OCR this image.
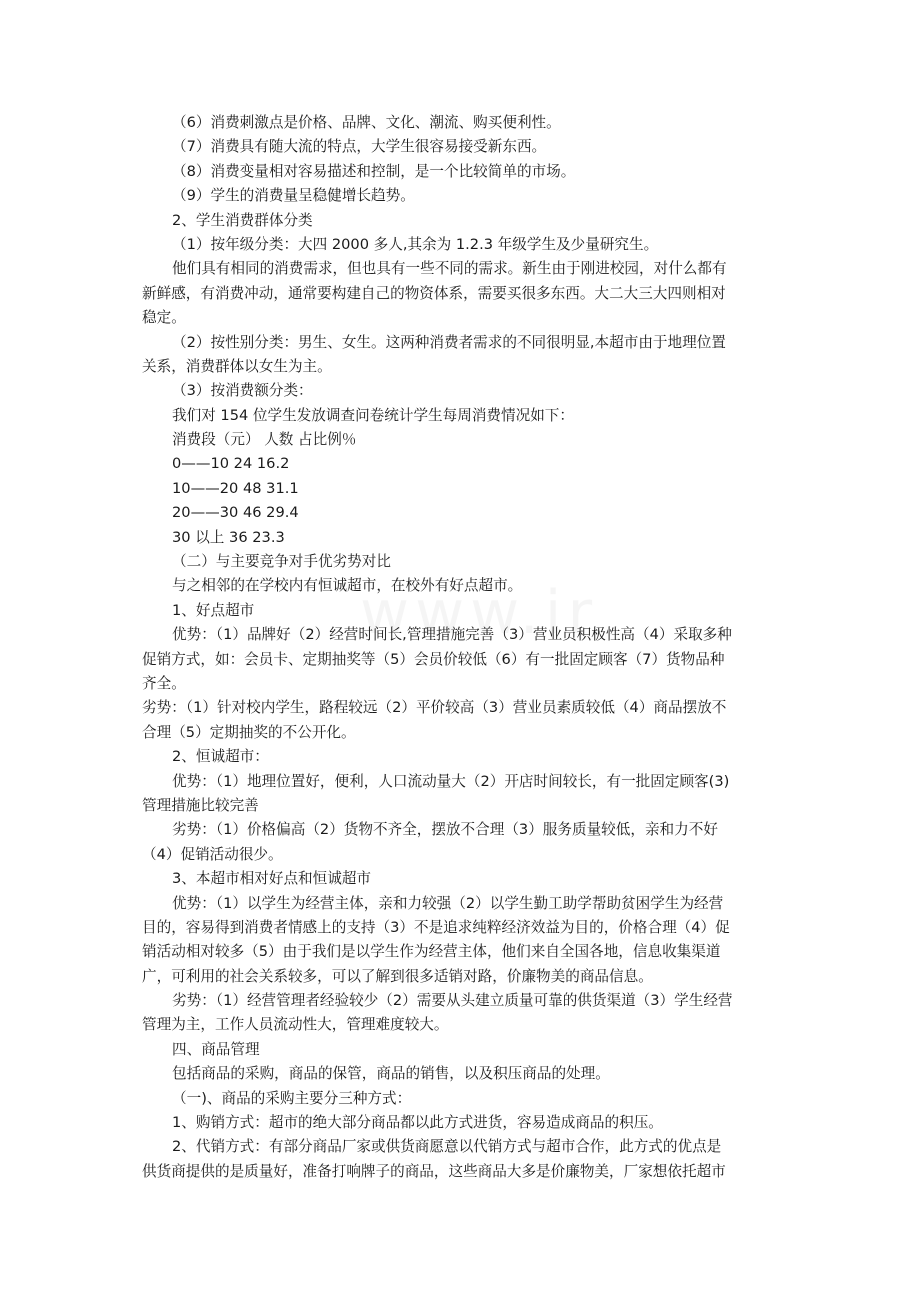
（6）消费刺激点是价格、品牌、文化、潮流、购买便利性。
（7）消费具有随大流的特点，大学生很容易接受新东西。
（8）消费变量相对容易描述和控制，是一个比较简单的市场。
（9）学生的消费量呈稳健增长趋势。
2、学生消费群体分类
（1）按年级分类：大四 2000 多人,其余为 1.2.3 年级学生及少量研究生。
他们具有相同的消费需求，但也具有一些不同的需求。新生由于刚进校园，对什么都有
新鲜感，有消费冲动，通常要构建自己的物资体系，需要买很多东西。大二大三大四则相对
稳定。
（2）按性别分类：男生、女生。这两种消费者需求的不同很明显,本超市由于地理位置
关系，消费群体以女生为主。
（3）按消费额分类：
我们对 154 位学生发放调查问卷统计学生每周消费情况如下：
消费段（元） 人数 占比例％
0——10 24 16.2
10——20 48 31.1
20——30 46 29.4
30 以上 36 23.3
（二）与主要竞争对手优劣势对比
与之相邻的在学校内有恒诚超市，在校外有好点超市。
1、好点超市
优势：（1）品牌好（2）经营时间长,管理措施完善（3）营业员积极性高（4）采取多种
促销方式，如：会员卡、定期抽奖等（5）会员价较低（6）有一批固定顾客（7）货物品种
齐全。
劣势：（1）针对校内学生，路程较远（2）平价较高（3）营业员素质较低（4）商品摆放不
合理（5）定期抽奖的不公开化。
2、恒诚超市：
优势：（1）地理位置好，便利，人口流动量大（2）开店时间较长，有一批固定顾客(3)
管理措施比较完善
劣势：（1）价格偏高（2）货物不齐全，摆放不合理（3）服务质量较低，亲和力不好
（4）促销活动很少。
3、本超市相对好点和恒诚超市
优势：（1）以学生为经营主体，亲和力较强（2）以学生勤工助学帮助贫困学生为经营
目的，容易得到消费者情感上的支持（3）不是追求纯粹经济效益为目的，价格合理（4）促
销活动相对较多（5）由于我们是以学生作为经营主体，他们来自全国各地，信息收集渠道
广，可利用的社会关系较多，可以了解到很多适销对路，价廉物美的商品信息。
劣势：（1）经营管理者经验较少（2）需要从头建立质量可靠的供货渠道（3）学生经营
管理为主，工作人员流动性大，管理难度较大。
四、商品管理
包括商品的采购，商品的保管，商品的销售，以及积压商品的处理。
（一)、商品的采购主要分三种方式：
1、购销方式：超市的绝大部分商品都以此方式进货，容易造成商品的积压。
2、代销方式：有部分商品厂家或供货商愿意以代销方式与超市合作，此方式的优点是
供货商提供的是质量好，准备打响牌子的商品，这些商品大多是价廉物美，厂家想依托超市
